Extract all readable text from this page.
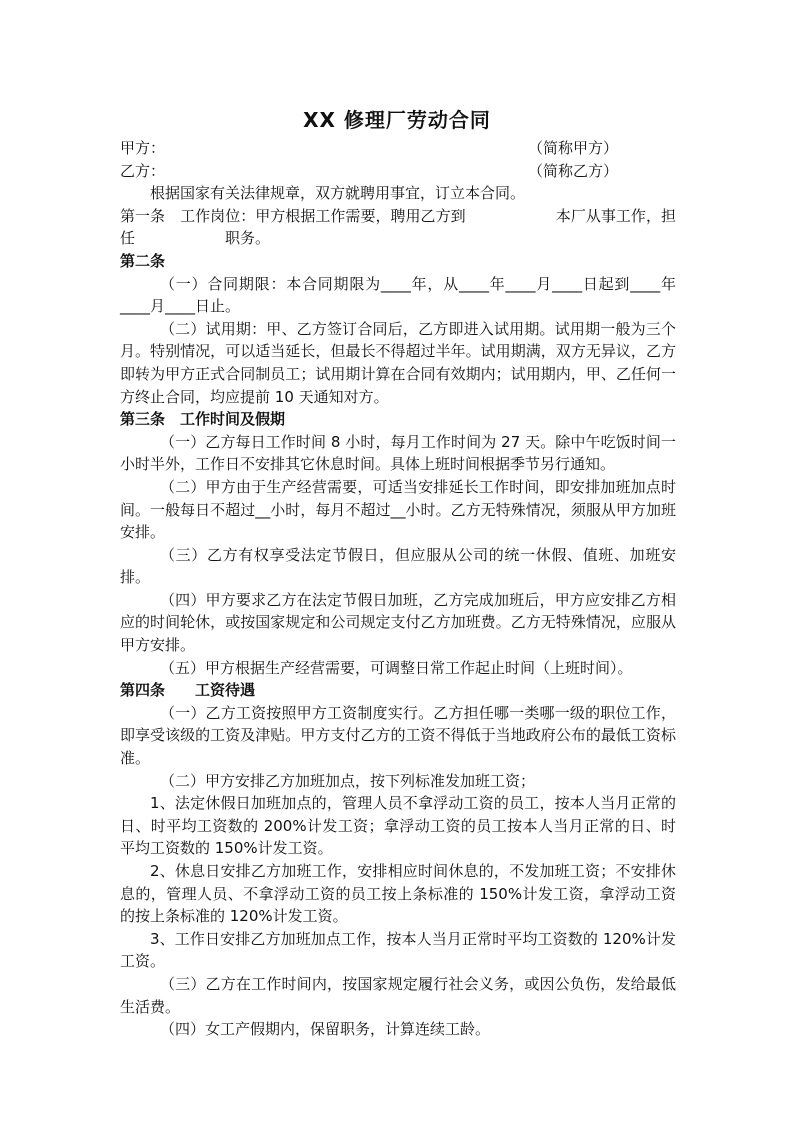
XX 修理厂劳动合同

甲方：	（简称甲方）

乙方：	（简称乙方）

根据国家有关法律规章，双方就聘用事宜，订立本合同。

第一条　工作岗位：甲方根据工作需要，聘用乙方到　　　　　　本厂从事工作，担任　　　　　　职务。

第二条

（一）合同期限：本合同期限为____年，从____年____月____日起到____年____月____日止。

（二）试用期：甲、乙方签订合同后，乙方即进入试用期。试用期一般为三个月。特别情况，可以适当延长，但最长不得超过半年。试用期满，双方无异议，乙方即转为甲方正式合同制员工；试用期计算在合同有效期内；试用期内，甲、乙任何一方终止合同，均应提前 10 天通知对方。

第三条　工作时间及假期

（一）乙方每日工作时间 8 小时，每月工作时间为 27 天。除中午吃饭时间一小时半外，工作日不安排其它休息时间。具体上班时间根据季节另行通知。

（二）甲方由于生产经营需要，可适当安排延长工作时间，即安排加班加点时间。一般每日不超过__小时，每月不超过__小时。乙方无特殊情况，须服从甲方加班安排。

（三）乙方有权享受法定节假日，但应服从公司的统一休假、值班、加班安排。

（四）甲方要求乙方在法定节假日加班，乙方完成加班后，甲方应安排乙方相应的时间轮休，或按国家规定和公司规定支付乙方加班费。乙方无特殊情况，应服从甲方安排。

（五）甲方根据生产经营需要，可调整日常工作起止时间（上班时间）。

第四条　　工资待遇

（一）乙方工资按照甲方工资制度实行。乙方担任哪一类哪一级的职位工作，即享受该级的工资及津贴。甲方支付乙方的工资不得低于当地政府公布的最低工资标准。

（二）甲方安排乙方加班加点，按下列标准发加班工资；

1、法定休假日加班加点的，管理人员不拿浮动工资的员工，按本人当月正常的日、时平均工资数的 200%计发工资；拿浮动工资的员工按本人当月正常的日、时平均工资数的 150%计发工资。

2、休息日安排乙方加班工作，安排相应时间休息的，不发加班工资；不安排休息的，管理人员、不拿浮动工资的员工按上条标准的 150%计发工资，拿浮动工资的按上条标准的 120%计发工资。

3、工作日安排乙方加班加点工作，按本人当月正常时平均工资数的 120%计发工资。

（三）乙方在工作时间内，按国家规定履行社会义务，或因公负伤，发给最低生活费。

（四）女工产假期内，保留职务，计算连续工龄。
